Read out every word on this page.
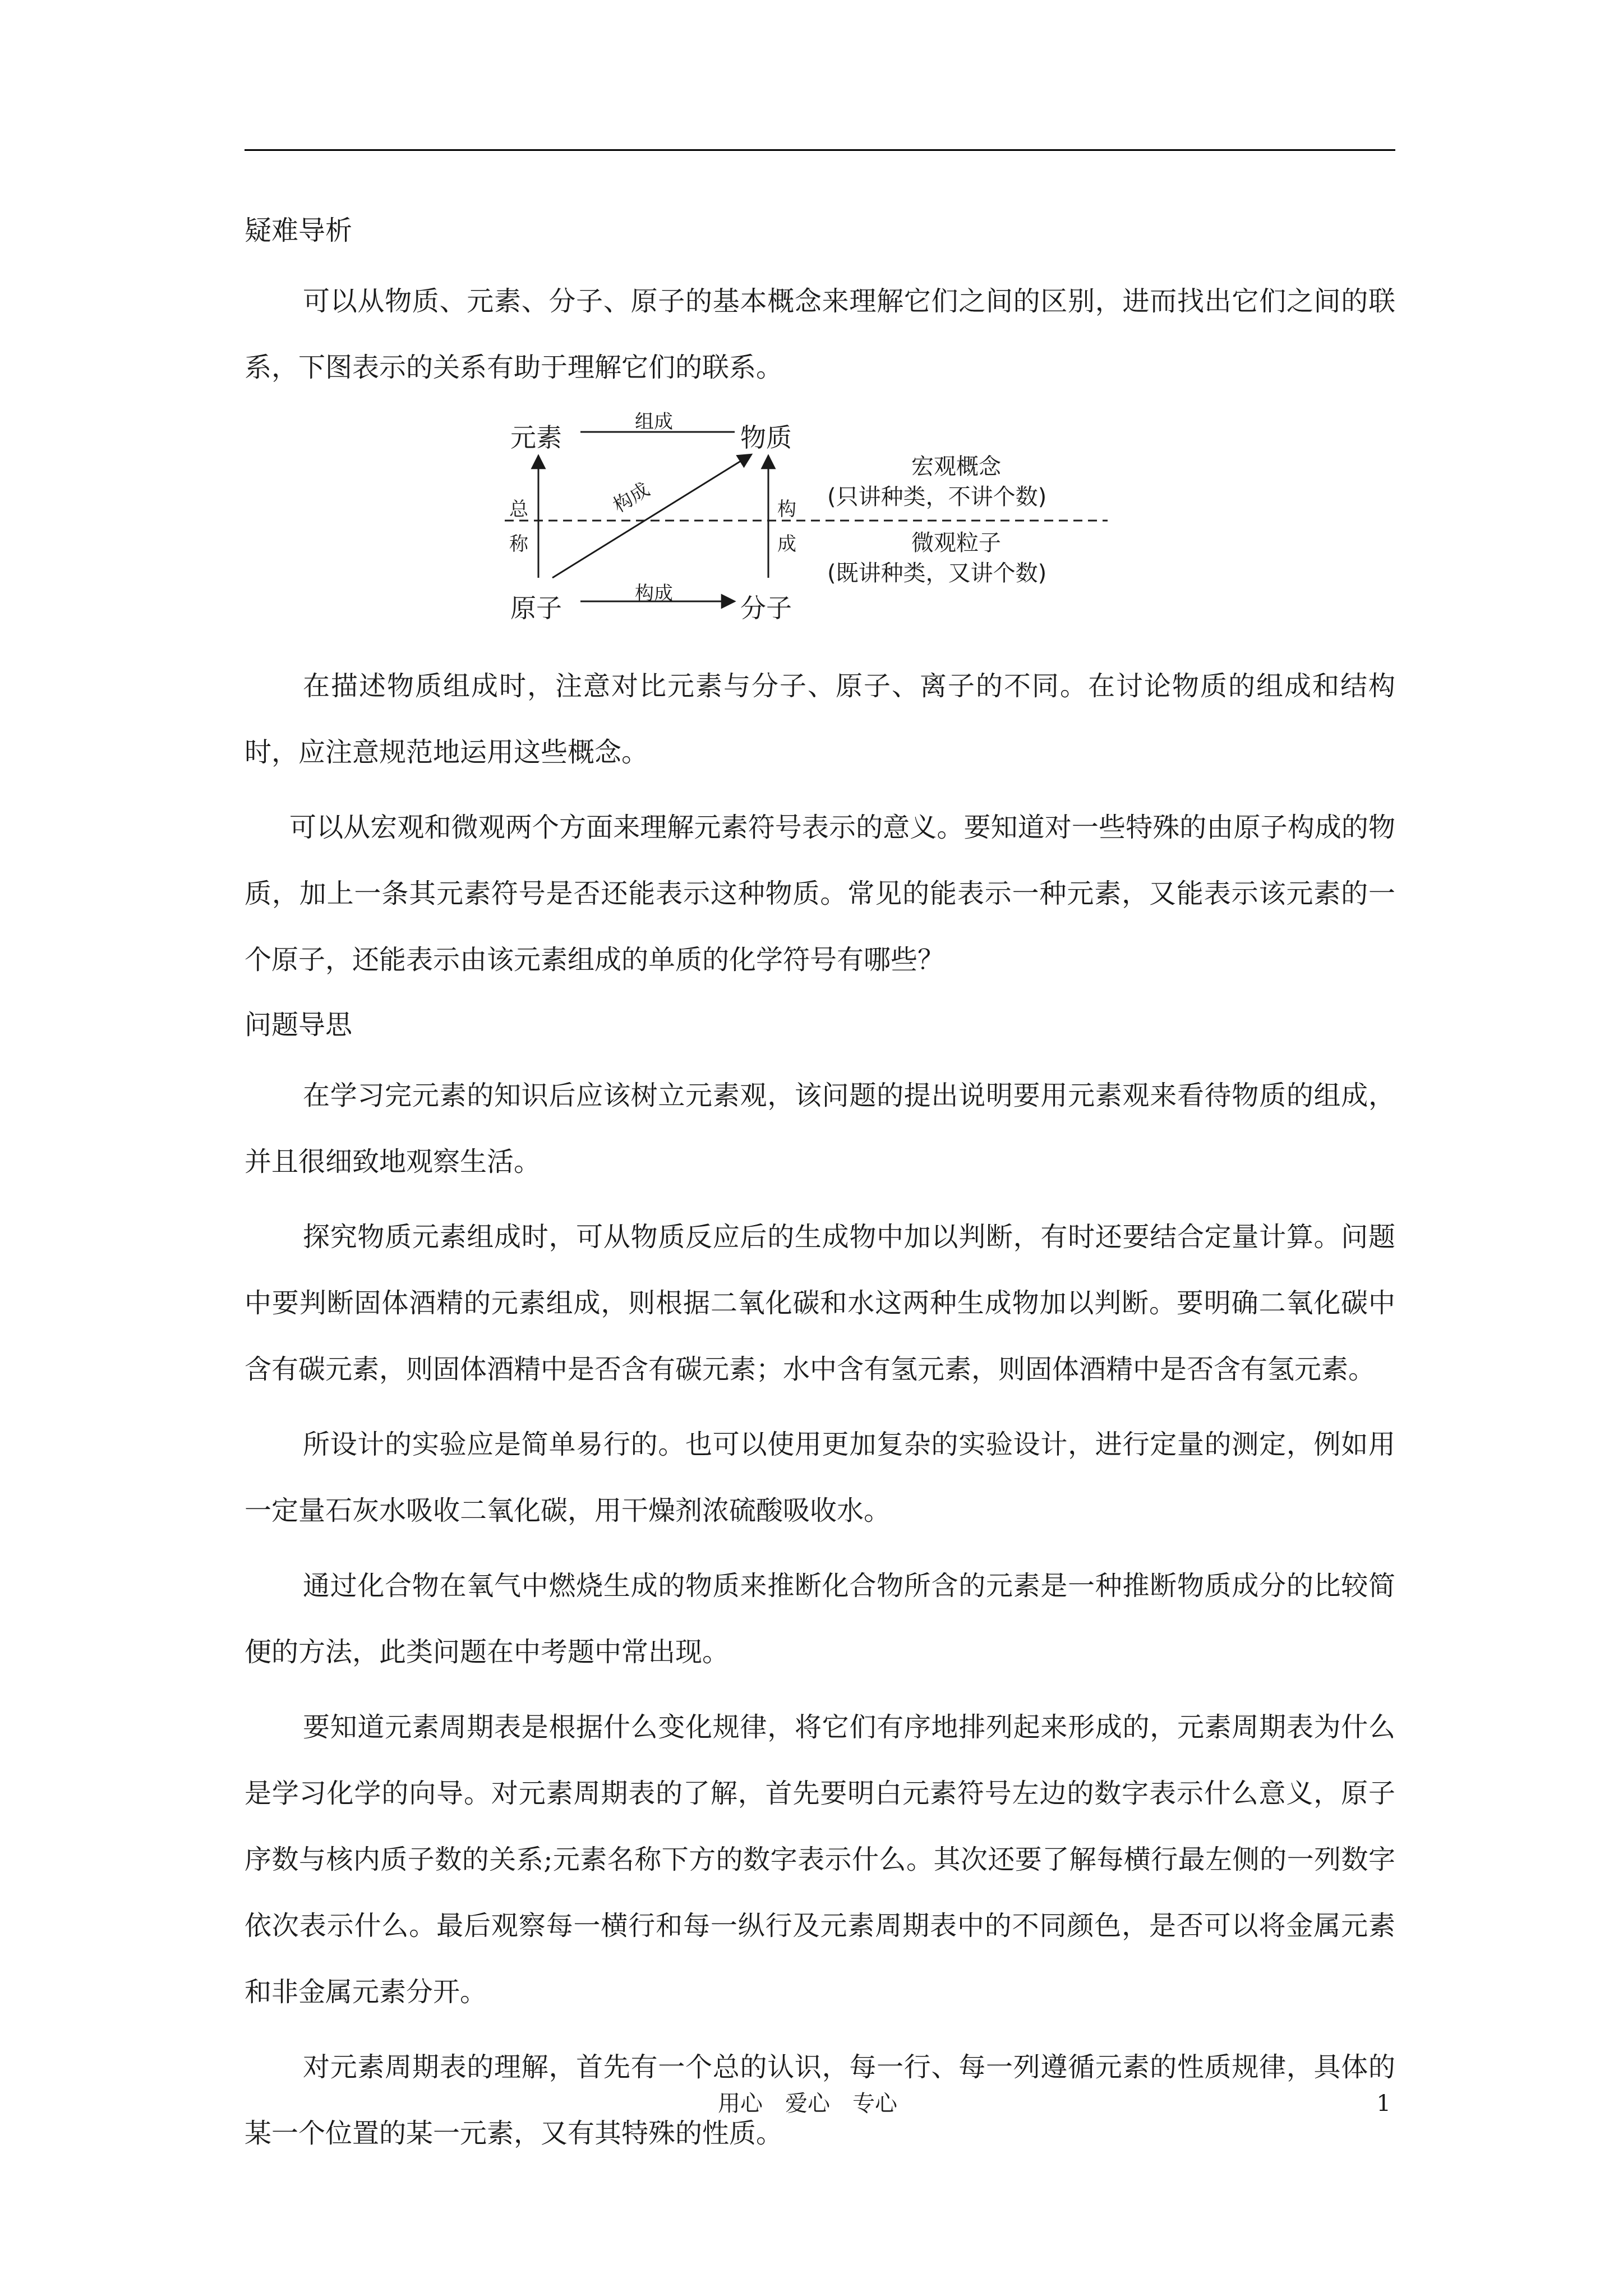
疑难导析

可以从物质、元素、分子、原子的基本概念来理解它们之间的区别，进而找出它们之间的联系，下图表示的关系有助于理解它们的联系。

元素	物质
原子	分子
组成
构成
构成
总
称
构
成
宏观概念
(只讲种类，不讲个数)
微观粒子
(既讲种类，又讲个数)

在描述物质组成时，注意对比元素与分子、原子、离子的不同。在讨论物质的组成和结构时，应注意规范地运用这些概念。

可以从宏观和微观两个方面来理解元素符号表示的意义。要知道对一些特殊的由原子构成的物质，加上一条其元素符号是否还能表示这种物质。常见的能表示一种元素，又能表示该元素的一个原子，还能表示由该元素组成的单质的化学符号有哪些？

问题导思

在学习完元素的知识后应该树立元素观，该问题的提出说明要用元素观来看待物质的组成，并且很细致地观察生活。

探究物质元素组成时，可从物质反应后的生成物中加以判断，有时还要结合定量计算。问题中要判断固体酒精的元素组成，则根据二氧化碳和水这两种生成物加以判断。要明确二氧化碳中含有碳元素，则固体酒精中是否含有碳元素；水中含有氢元素，则固体酒精中是否含有氢元素。

所设计的实验应是简单易行的。也可以使用更加复杂的实验设计，进行定量的测定，例如用一定量石灰水吸收二氧化碳，用干燥剂浓硫酸吸收水。

通过化合物在氧气中燃烧生成的物质来推断化合物所含的元素是一种推断物质成分的比较简便的方法，此类问题在中考题中常出现。

要知道元素周期表是根据什么变化规律，将它们有序地排列起来形成的，元素周期表为什么是学习化学的向导。对元素周期表的了解，首先要明白元素符号左边的数字表示什么意义，原子序数与核内质子数的关系;元素名称下方的数字表示什么。其次还要了解每横行最左侧的一列数字依次表示什么。最后观察每一横行和每一纵行及元素周期表中的不同颜色，是否可以将金属元素和非金属元素分开。

对元素周期表的理解，首先有一个总的认识，每一行、每一列遵循元素的性质规律，具体的某一个位置的某一元素，又有其特殊的性质。

用心　爱心　专心	1
